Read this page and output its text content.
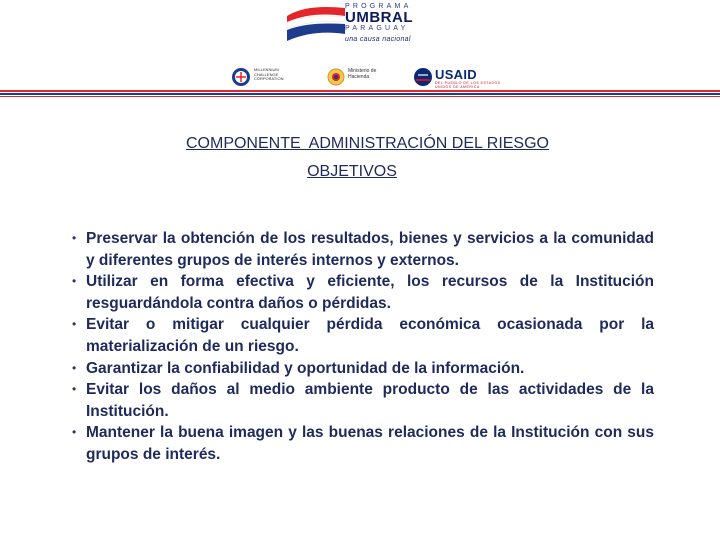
PROGRAMA
UMBRAL
PARAGUAY
una causa nacional
MILLENNIUM CHALLENGE CORPORATION
Ministerio de Hacienda	USAID
DEL PUEBLO DE LOS ESTADOS UNIDOS DE AMÉRICA
COMPONENTE  ADMINISTRACIÓN DEL RIESGO
OBJETIVOS
• Preservar la obtención de los resultados, bienes y servicios a la comunidad y diferentes grupos de interés internos y externos.
• Utilizar en forma efectiva y eficiente, los recursos de la Institución resguardándola contra daños o pérdidas.
• Evitar o mitigar cualquier pérdida económica ocasionada por la materialización de un riesgo.
• Garantizar la confiabilidad y oportunidad de la información.
• Evitar los daños al medio ambiente producto de las actividades de la Institución.
• Mantener la buena imagen y las buenas relaciones de la Institución con sus grupos de interés.
